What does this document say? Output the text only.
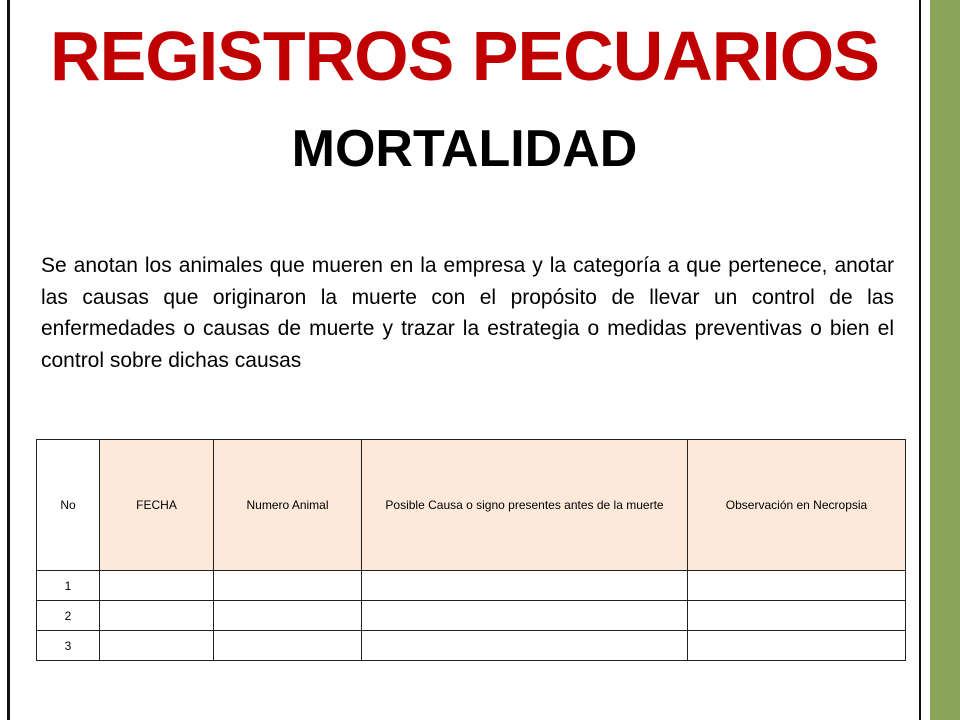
REGISTROS PECUARIOS
MORTALIDAD

Se anotan los animales que mueren en la empresa y la categoría a que pertenece, anotar las causas que originaron la muerte con el propósito de llevar un control de las enfermedades o causas de muerte y trazar la estrategia o medidas preventivas o bien el control sobre dichas causas

No	FECHA	Numero Animal	Posible Causa o signo presentes antes de la muerte	Observación en Necropsia
1				
2				
3				
